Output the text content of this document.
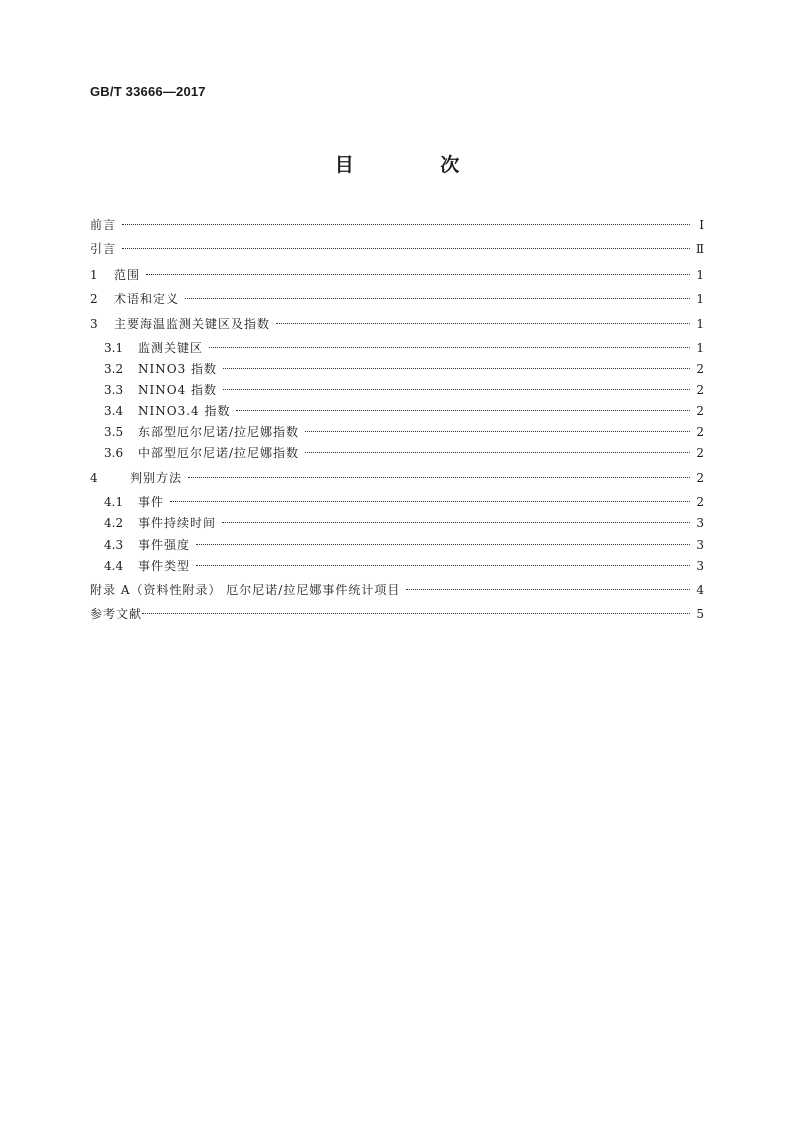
GB/T 33666—2017
目 次
前言	Ⅰ
引言	Ⅱ
1	范围	1
2	术语和定义	1
3	主要海温监测关键区及指数	1
3.1	监测关键区	1
3.2	NINO3 指数	2
3.3	NINO4 指数	2
3.4	NINO3.4 指数	2
3.5	东部型厄尔尼诺/拉尼娜指数	2
3.6	中部型厄尔尼诺/拉尼娜指数	2
4	判别方法	2
4.1	事件	2
4.2	事件持续时间	3
4.3	事件强度	3
4.4	事件类型	3
附录 A（资料性附录） 厄尔尼诺/拉尼娜事件统计项目	4
参考文献	5
